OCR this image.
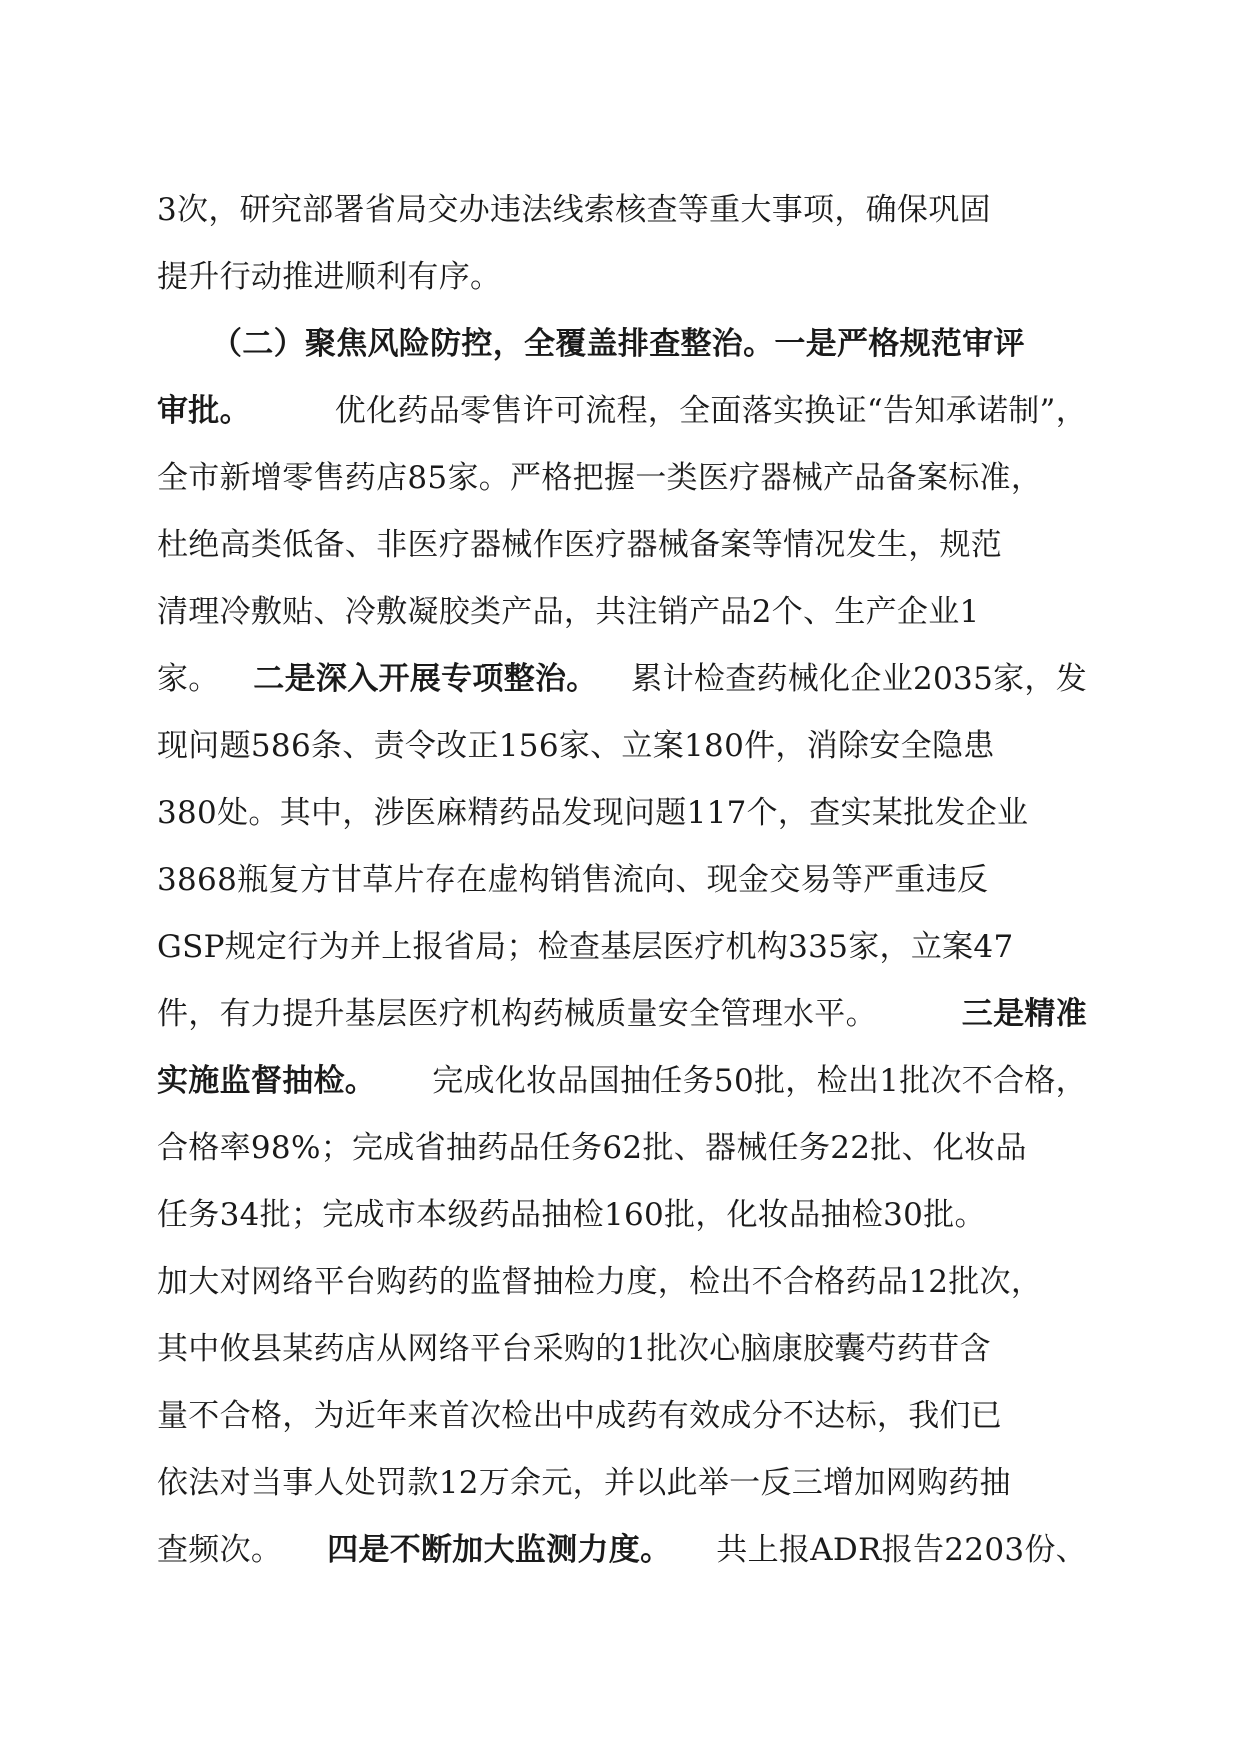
3次，研究部署省局交办违法线索核查等重大事项，确保巩固
提升行动推进顺利有序。
（二）聚焦风险防控，全覆盖排查整治。一是严格规范审评
审批。	优化药品零售许可流程，全面落实换证“告知承诺制”，
全市新增零售药店85家。严格把握一类医疗器械产品备案标准，
杜绝高类低备、非医疗器械作医疗器械备案等情况发生，规范
清理冷敷贴、冷敷凝胶类产品，共注销产品2个、生产企业1
家。 二是深入开展专项整治。 累计检查药械化企业2035家，发
现问题586条、责令改正156家、立案180件，消除安全隐患
380处。其中，涉医麻精药品发现问题117个，查实某批发企业
3868瓶复方甘草片存在虚构销售流向、现金交易等严重违反
GSP规定行为并上报省局；检查基层医疗机构335家，立案47
件，有力提升基层医疗机构药械质量安全管理水平。	三是精准
实施监督抽检。 完成化妆品国抽任务50批，检出1批次不合格，
合格率98%；完成省抽药品任务62批、器械任务22批、化妆品
任务34批；完成市本级药品抽检160批，化妆品抽检30批。
加大对网络平台购药的监督抽检力度，检出不合格药品12批次，
其中攸县某药店从网络平台采购的1批次心脑康胶囊芍药苷含
量不合格，为近年来首次检出中成药有效成分不达标，我们已
依法对当事人处罚款12万余元，并以此举一反三增加网购药抽
查频次。 四是不断加大监测力度。 共上报ADR报告2203份、
